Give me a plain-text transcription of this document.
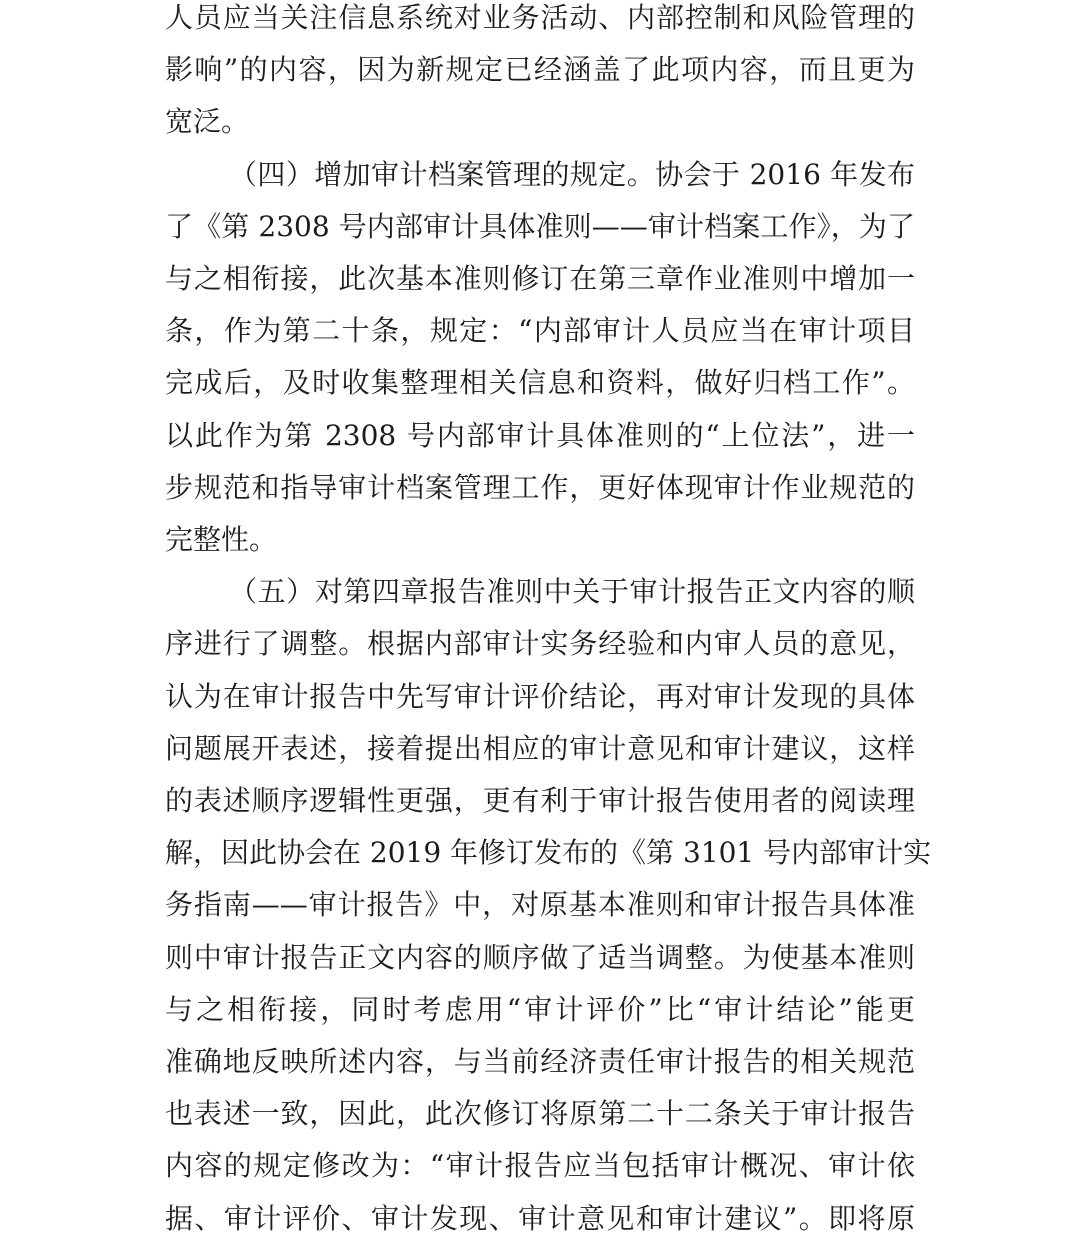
人员应当关注信息系统对业务活动、内部控制和风险管理的
影响”的内容，因为新规定已经涵盖了此项内容，而且更为
宽泛。
（四）增加审计档案管理的规定。协会于 2016 年发布
了《第 2308 号内部审计具体准则——审计档案工作》，为了
与之相衔接，此次基本准则修订在第三章作业准则中增加一
条，作为第二十条，规定：“内部审计人员应当在审计项目
完成后，及时收集整理相关信息和资料，做好归档工作”。
以此作为第 2308 号内部审计具体准则的“上位法”，进一
步规范和指导审计档案管理工作，更好体现审计作业规范的
完整性。
（五）对第四章报告准则中关于审计报告正文内容的顺
序进行了调整。根据内部审计实务经验和内审人员的意见，
认为在审计报告中先写审计评价结论，再对审计发现的具体
问题展开表述，接着提出相应的审计意见和审计建议，这样
的表述顺序逻辑性更强，更有利于审计报告使用者的阅读理
解，因此协会在 2019 年修订发布的《第 3101 号内部审计实
务指南——审计报告》中，对原基本准则和审计报告具体准
则中审计报告正文内容的顺序做了适当调整。为使基本准则
与之相衔接，同时考虑用“审计评价”比“审计结论”能更
准确地反映所述内容，与当前经济责任审计报告的相关规范
也表述一致，因此，此次修订将原第二十二条关于审计报告
内容的规定修改为：“审计报告应当包括审计概况、审计依
据、审计评价、审计发现、审计意见和审计建议”。即将原
